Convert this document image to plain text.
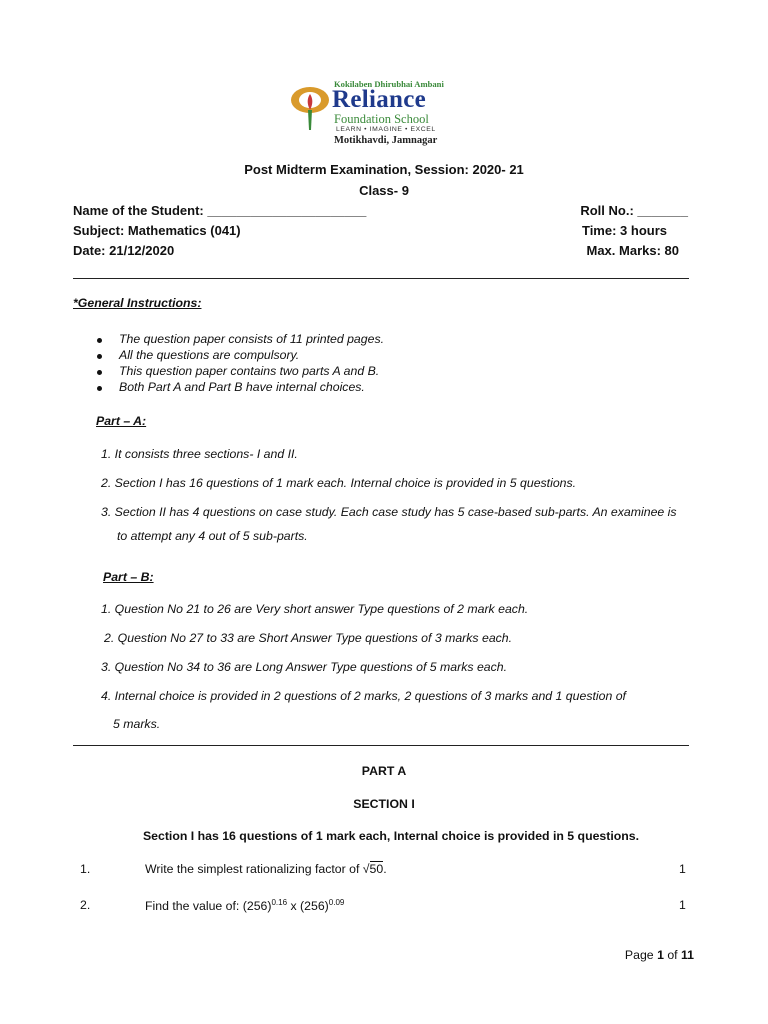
Kokilaben Dhirubhai Ambani
Reliance
Foundation School
LEARN • IMAGINE • EXCEL
Motikhavdi, Jamnagar
Post Midterm Examination, Session: 2020- 21
Class- 9
Name of the Student: ______________________	Roll No.: _______
Subject: Mathematics (041)	Time: 3 hours
Date: 21/12/2020	Max. Marks: 80
*General Instructions:
The question paper consists of 11 printed pages.
All the questions are compulsory.
This question paper contains two parts A and B.
Both Part A and Part B have internal choices.
Part – A:
1. It consists three sections- I and II.
2. Section I has 16 questions of 1 mark each. Internal choice is provided in 5 questions.
3. Section II has 4 questions on case study. Each case study has 5 case-based sub-parts. An examinee is
to attempt any 4 out of 5 sub-parts.
Part – B:
1. Question No 21 to 26 are Very short answer Type questions of 2 mark each.
2. Question No 27 to 33 are Short Answer Type questions of 3 marks each.
3. Question No 34 to 36 are Long Answer Type questions of 5 marks each.
4. Internal choice is provided in 2 questions of 2 marks, 2 questions of 3 marks and 1 question of
5 marks.
PART A
SECTION I
Section I has 16 questions of 1 mark each, Internal choice is provided in 5 questions.
1.	Write the simplest rationalizing factor of √50.	1
2.	Find the value of: $(256)^{0.16}$ x $(256)^{0.09}$	1
Page 1 of 11
